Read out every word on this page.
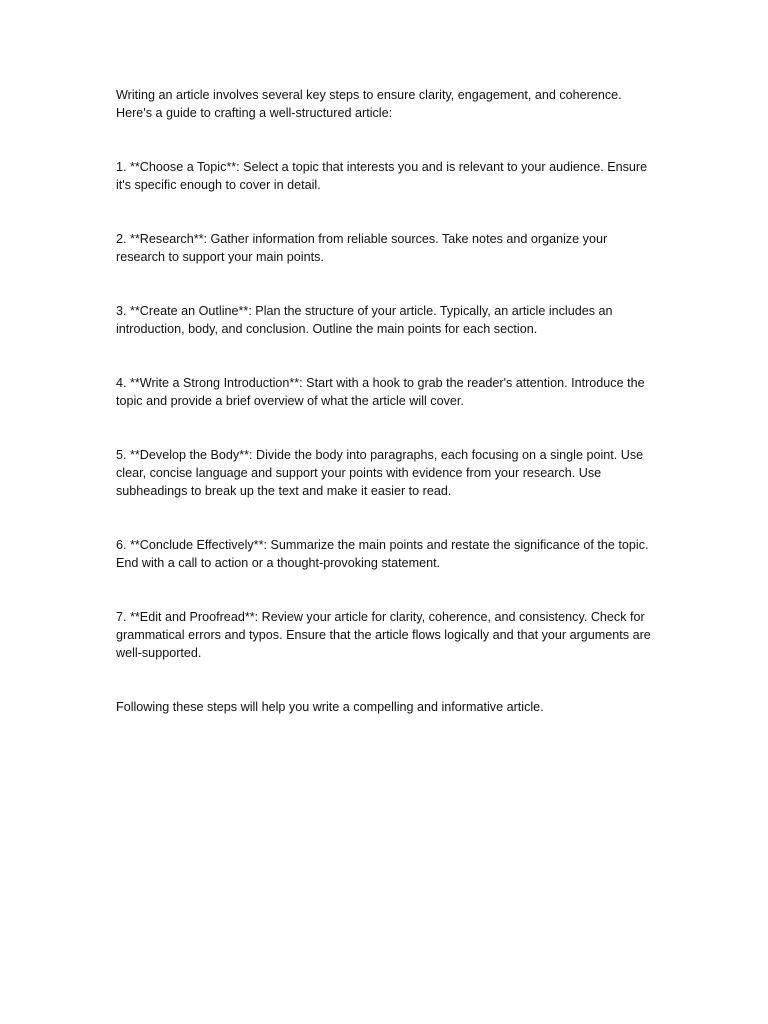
Writing an article involves several key steps to ensure clarity, engagement, and coherence. Here's a guide to crafting a well-structured article:

1. **Choose a Topic**: Select a topic that interests you and is relevant to your audience. Ensure it's specific enough to cover in detail.

2. **Research**: Gather information from reliable sources. Take notes and organize your research to support your main points.

3. **Create an Outline**: Plan the structure of your article. Typically, an article includes an introduction, body, and conclusion. Outline the main points for each section.

4. **Write a Strong Introduction**: Start with a hook to grab the reader's attention. Introduce the topic and provide a brief overview of what the article will cover.

5. **Develop the Body**: Divide the body into paragraphs, each focusing on a single point. Use clear, concise language and support your points with evidence from your research. Use subheadings to break up the text and make it easier to read.

6. **Conclude Effectively**: Summarize the main points and restate the significance of the topic. End with a call to action or a thought-provoking statement.

7. **Edit and Proofread**: Review your article for clarity, coherence, and consistency. Check for grammatical errors and typos. Ensure that the article flows logically and that your arguments are well-supported.

Following these steps will help you write a compelling and informative article.
